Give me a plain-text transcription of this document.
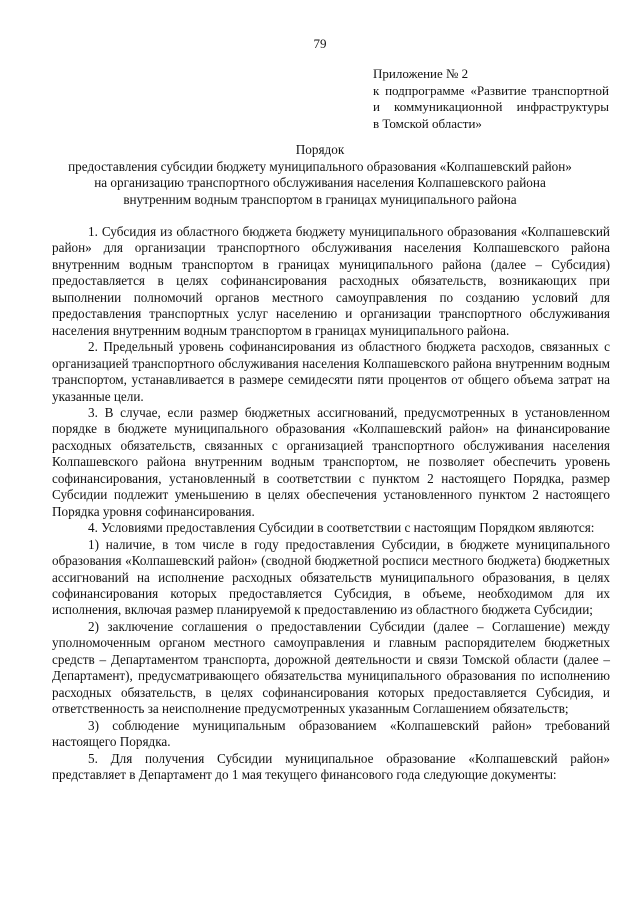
79
Приложение № 2
к подпрограмме «Развитие транспортной
и коммуникационной инфраструктуры
в Томской области»
Порядок
предоставления субсидии бюджету муниципального образования «Колпашевский район»
на организацию транспортного обслуживания населения Колпашевского района
внутренним водным транспортом в границах муниципального района

1. Субсидия из областного бюджета бюджету муниципального образования «Колпашевский район» для организации транспортного обслуживания населения Колпашевского района внутренним водным транспортом в границах муниципального района (далее – Субсидия) предоставляется в целях софинансирования расходных обязательств, возникающих при выполнении полномочий органов местного самоуправления по созданию условий для предоставления транспортных услуг населению и организации транспортного обслуживания населения внутренним водным транспортом в границах муниципального района.

2. Предельный уровень софинансирования из областного бюджета расходов, связанных с организацией транспортного обслуживания населения Колпашевского района внутренним водным транспортом, устанавливается в размере семидесяти пяти процентов от общего объема затрат на указанные цели.

3. В случае, если размер бюджетных ассигнований, предусмотренных в установленном порядке в бюджете муниципального образования «Колпашевский район» на финансирование расходных обязательств, связанных с организацией транспортного обслуживания населения Колпашевского района внутренним водным транспортом, не позволяет обеспечить уровень софинансирования, установленный в соответствии с пунктом 2 настоящего Порядка, размер Субсидии подлежит уменьшению в целях обеспечения установленного пунктом 2 настоящего Порядка уровня софинансирования.

4. Условиями предоставления Субсидии в соответствии с настоящим Порядком являются:

1) наличие, в том числе в году предоставления Субсидии, в бюджете муниципального образования «Колпашевский район» (сводной бюджетной росписи местного бюджета) бюджетных ассигнований на исполнение расходных обязательств муниципального образования, в целях софинансирования которых предоставляется Субсидия, в объеме, необходимом для их исполнения, включая размер планируемой к предоставлению из областного бюджета Субсидии;

2) заключение соглашения о предоставлении Субсидии (далее – Соглашение) между уполномоченным органом местного самоуправления и главным распорядителем бюджетных средств – Департаментом транспорта, дорожной деятельности и связи Томской области (далее – Департамент), предусматривающего обязательства муниципального образования по исполнению расходных обязательств, в целях софинансирования которых предоставляется Субсидия, и ответственность за неисполнение предусмотренных указанным Соглашением обязательств;

3) соблюдение муниципальным образованием «Колпашевский район» требований настоящего Порядка.

5. Для получения Субсидии муниципальное образование «Колпашевский район» представляет в Департамент до 1 мая текущего финансового года следующие документы:
